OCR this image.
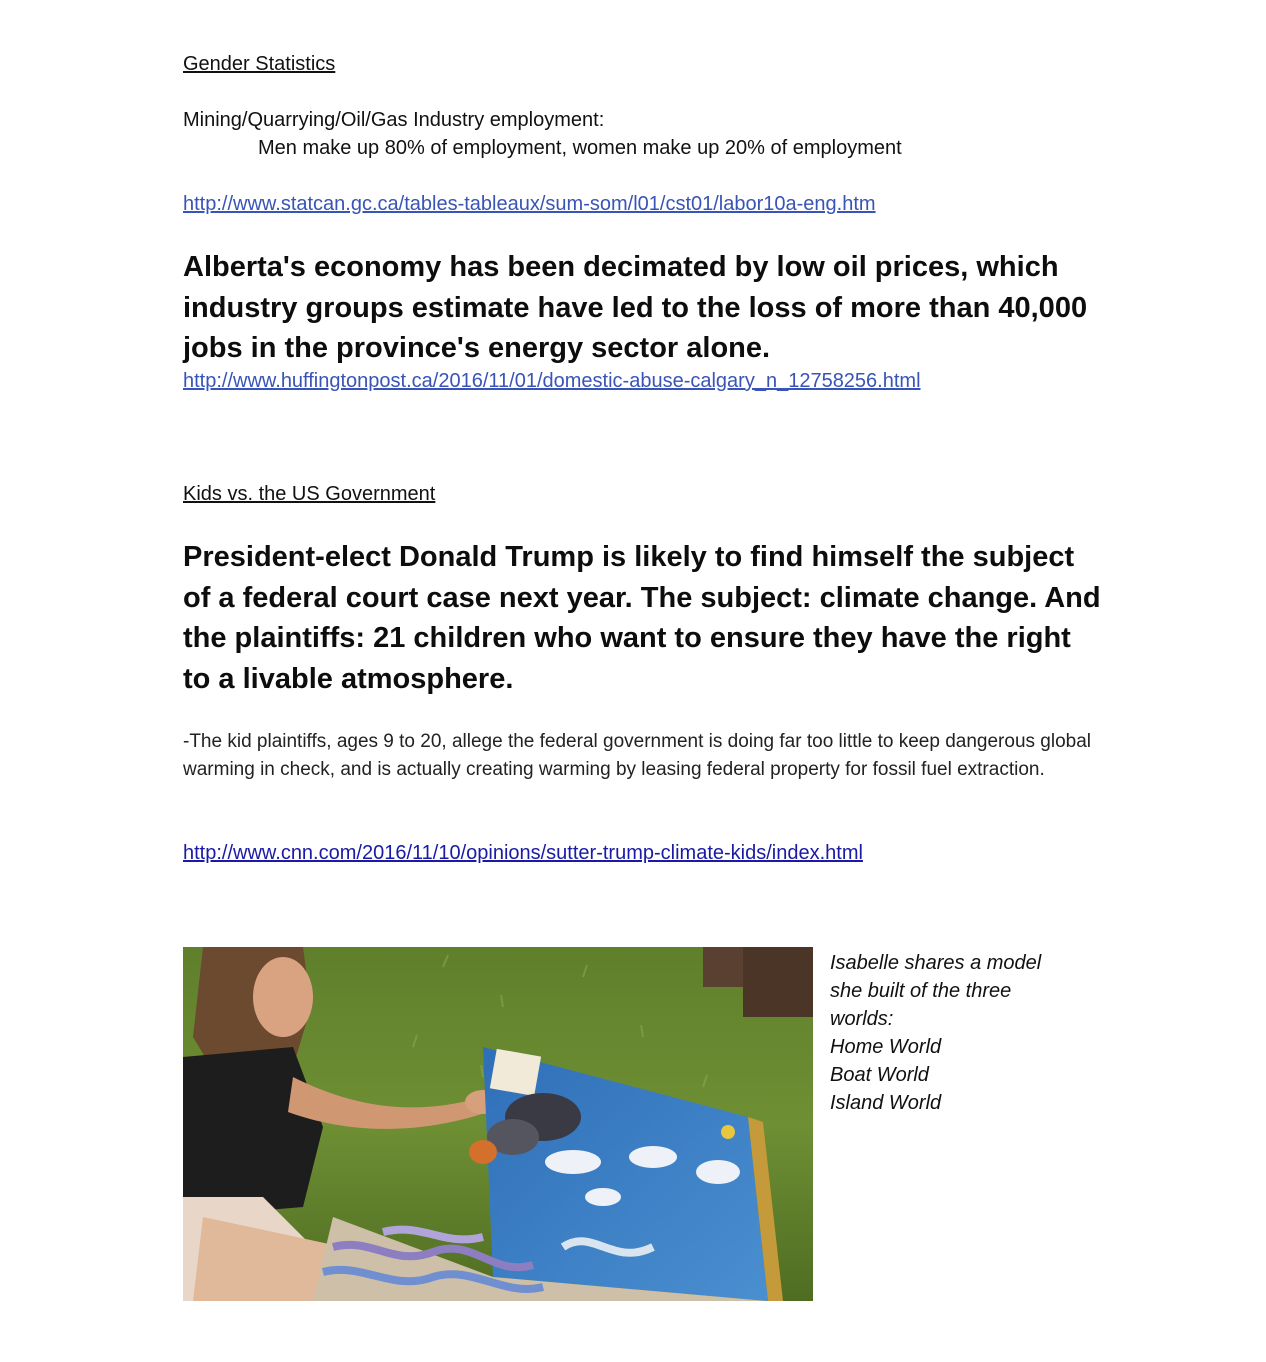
Gender Statistics
Mining/Quarrying/Oil/Gas Industry employment:
Men make up 80% of employment, women make up 20% of employment
http://www.statcan.gc.ca/tables-tableaux/sum-som/l01/cst01/labor10a-eng.htm
Alberta's economy has been decimated by low oil prices, which industry groups estimate have led to the loss of more than 40,000 jobs in the province's energy sector alone.
http://www.huffingtonpost.ca/2016/11/01/domestic-abuse-calgary_n_12758256.html
Kids vs. the US Government
President-elect Donald Trump is likely to find himself the subject of a federal court case next year. The subject: climate change. And the plaintiffs: 21 children who want to ensure they have the right to a livable atmosphere.
-The kid plaintiffs, ages 9 to 20, allege the federal government is doing far too little to keep dangerous global warming in check, and is actually creating warming by leasing federal property for fossil fuel extraction.
http://www.cnn.com/2016/11/10/opinions/sutter-trump-climate-kids/index.html
Isabelle shares a model
she built of the three
worlds:
Home World
Boat World
Island World
